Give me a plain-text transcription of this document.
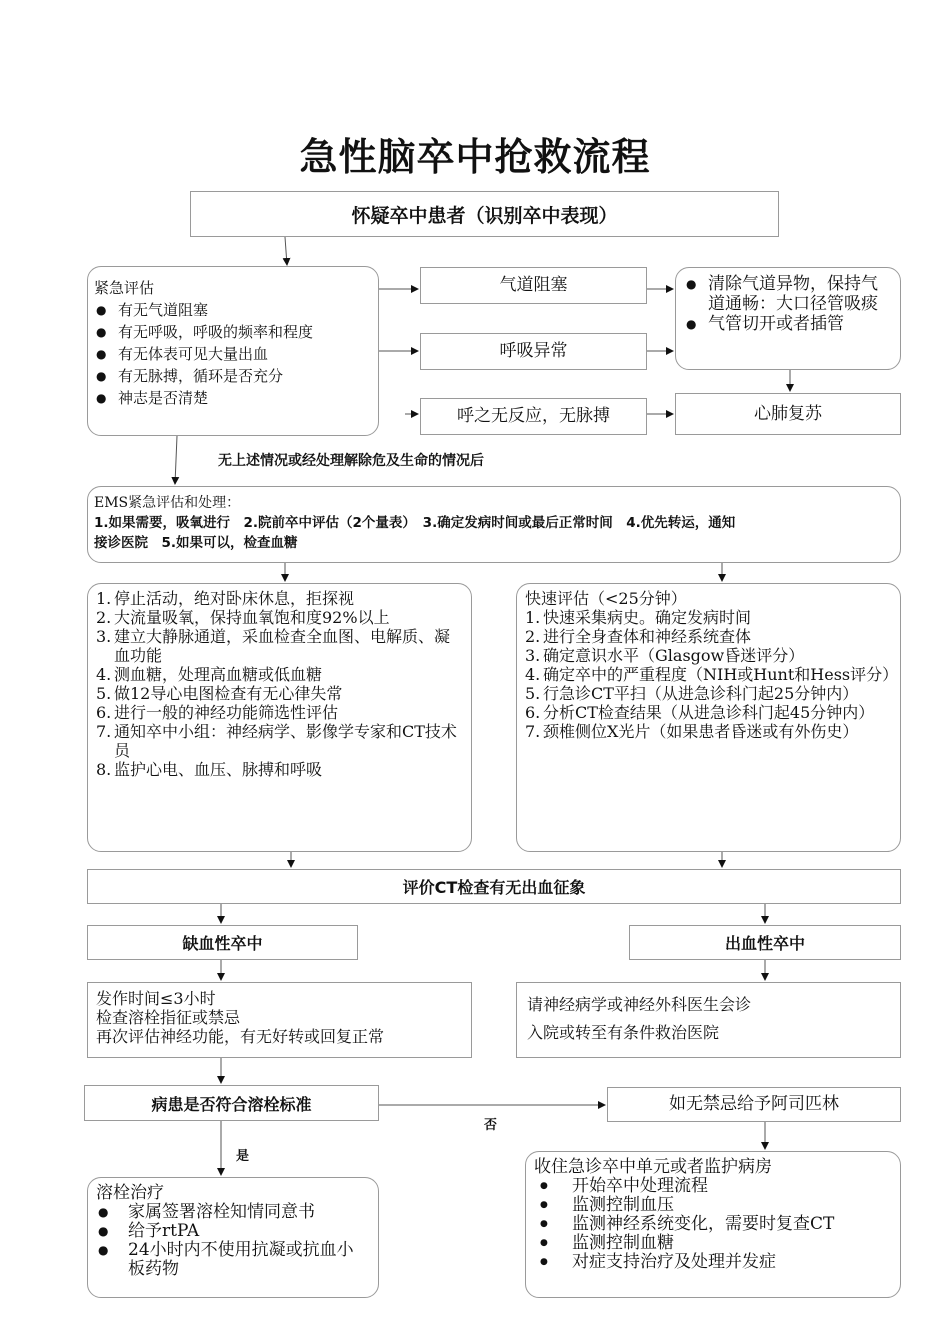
急性脑卒中抢救流程
怀疑卒中患者（识别卒中表现）
紧急评估
● 有无气道阻塞
● 有无呼吸，呼吸的频率和程度
● 有无体表可见大量出血
● 有无脉搏，循环是否充分
● 神志是否清楚
气道阻塞
呼吸异常
呼之无反应，无脉搏
● 清除气道异物，保持气道通畅：大口径管吸痰
● 气管切开或者插管
心肺复苏
无上述情况或经处理解除危及生命的情况后
EMS紧急评估和处理：
1.如果需要，吸氧进行　2.院前卒中评估（2个量表）　3.确定发病时间或最后正常时间　4.优先转运，通知
接诊医院　5.如果可以，检查血糖
1. 停止活动，绝对卧床休息，拒探视
2. 大流量吸氧，保持血氧饱和度92%以上
3. 建立大静脉通道，采血检查全血图、电解质、凝血功能
4. 测血糖，处理高血糖或低血糖
5. 做12导心电图检查有无心律失常
6. 进行一般的神经功能筛选性评估
7. 通知卒中小组：神经病学、影像学专家和CT技术员
8. 监护心电、血压、脉搏和呼吸
快速评估（<25分钟）
1. 快速采集病史。确定发病时间
2. 进行全身查体和神经系统查体
3. 确定意识水平（Glasgow昏迷评分）
4. 确定卒中的严重程度（NIH或Hunt和Hess评分）
5. 行急诊CT平扫（从进急诊科门起25分钟内）
6. 分析CT检查结果（从进急诊科门起45分钟内）
7. 颈椎侧位X光片（如果患者昏迷或有外伤史）
评价CT检查有无出血征象
缺血性卒中	出血性卒中
发作时间≤3小时
检查溶栓指征或禁忌
再次评估神经功能，有无好转或回复正常
请神经病学或神经外科医生会诊
入院或转至有条件救治医院
病患是否符合溶栓标准
否
是
如无禁忌给予阿司匹林
溶栓治疗
● 家属签署溶栓知情同意书
● 给予rtPA
● 24小时内不使用抗凝或抗血小板药物
收住急诊卒中单元或者监护病房
● 开始卒中处理流程
● 监测控制血压
● 监测神经系统变化，需要时复查CT
● 监测控制血糖
● 对症支持治疗及处理并发症
